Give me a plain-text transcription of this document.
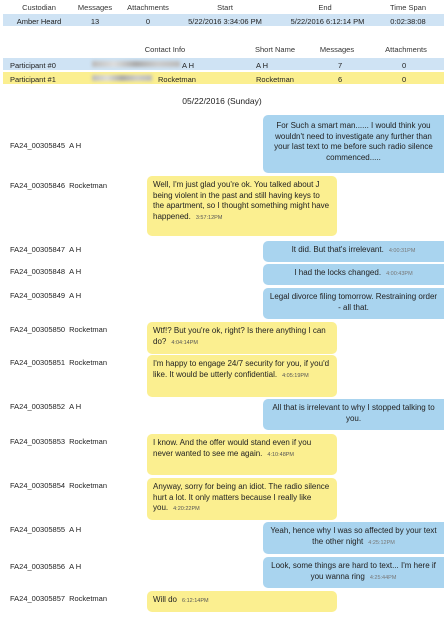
Custodian	Messages	Attachments	Start	End	Time Span
Amber Heard	13	0	5/22/2016 3:34:06 PM	5/22/2016 6:12:14 PM	0:02:38:08
Contact Info	Short Name	Messages	Attachments
Participant #0	A H	A H	7	0
Participant #1	Rocketman	Rocketman	6	0
05/22/2016 (Sunday)
FA24_00305845 A H
For Such a smart man...... I would think you wouldn't need to investigate any further than your last text to me before such radio silence commenced.....
FA24_00305846 Rocketman	Well, I'm just glad you're ok. You talked about J being violent in the past and still having keys to the apartment, so I thought something might have happened. 3:57:12PM
FA24_00305847 A H	It did. But that's irrelevant. 4:00:31PM
FA24_00305848 A H	I had the locks changed. 4:00:43PM
FA24_00305849 A H	Legal divorce filing tomorrow. Restraining order - all that.
FA24_00305850 Rocketman	Wtf!? But you're ok, right? Is there anything I can do? 4:04:14PM
FA24_00305851 Rocketman	I'm happy to engage 24/7 security for you, if you'd like. It would be utterly confidential. 4:05:19PM
FA24_00305852 A H	All that is irrelevant to why I stopped talking to you.
FA24_00305853 Rocketman	I know. And the offer would stand even if you never wanted to see me again. 4:10:48PM
FA24_00305854 Rocketman	Anyway, sorry for being an idiot. The radio silence hurt a lot. It only matters because I really like you. 4:20:22PM
FA24_00305855 A H	Yeah, hence why I was so affected by your text the other night 4:25:12PM
FA24_00305856 A H	Look, some things are hard to text... I'm here if you wanna ring 4:25:44PM
FA24_00305857 Rocketman	Will do 6:12:14PM
